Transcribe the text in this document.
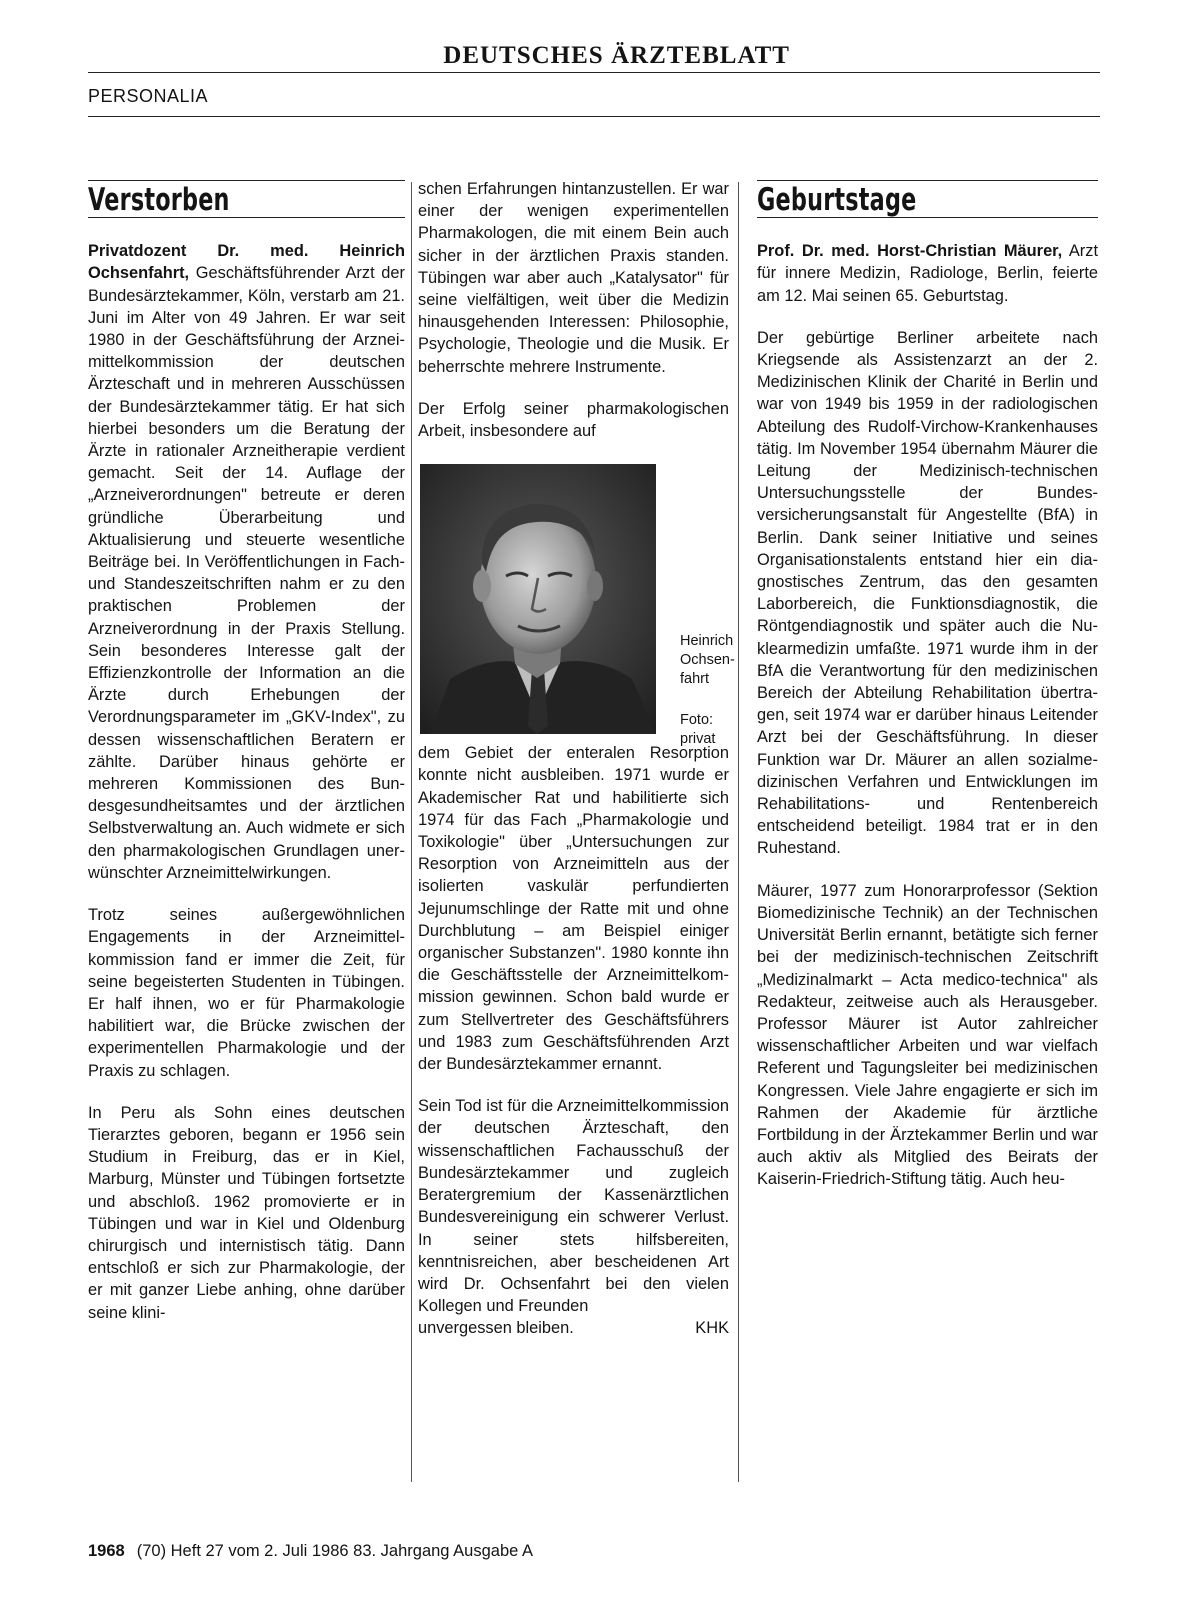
DEUTSCHES ÄRZTEBLATT
PERSONALIA
Verstorben

Privatdozent Dr. med. Heinrich Ochsenfahrt, Geschäftsführender Arzt der Bundesärztekammer, Köln, verstarb am 21. Juni im Alter von 49 Jahren. Er war seit 1980 in der Geschäftsführung der Arzneimittelkommission der deutschen Ärzteschaft und in mehreren Ausschüssen der Bundesärztekammer tätig. Er hat sich hierbei besonders um die Beratung der Ärzte in rationaler Arzneitherapie verdient gemacht. Seit der 14. Auflage der „Arzneiverordnungen" betreute er deren gründliche Überarbeitung und Aktualisierung und steuerte wesentliche Beiträge bei. In Veröffentlichungen in Fach- und Standeszeitschriften nahm er zu den praktischen Problemen der Arzneiverordnung in der Praxis Stellung. Sein besonderes Interesse galt der Effizienzkontrolle der Information an die Ärzte durch Erhebungen der Verordnungsparameter im „GKV-Index", zu dessen wissenschaftlichen Beratern er zählte. Darüber hinaus gehörte er mehreren Kommissionen des Bundesgesundheitsamtes und der ärztlichen Selbstverwaltung an. Auch widmete er sich den pharmakologischen Grundlagen unerwünschter Arzneimittelwirkungen.

Trotz seines außergewöhnlichen Engagements in der Arzneimittelkommission fand er immer die Zeit, für seine begeisterten Studenten in Tübingen. Er half ihnen, wo er für Pharmakologie habilitiert war, die Brücke zwischen der experimentellen Pharmakologie und der Praxis zu schlagen.

In Peru als Sohn eines deutschen Tierarztes geboren, begann er 1956 sein Studium in Freiburg, das er in Kiel, Marburg, Münster und Tübingen fortsetzte und abschloß. 1962 promovierte er in Tübingen und war in Kiel und Oldenburg chirurgisch und internistisch tätig. Dann entschloß er sich zur Pharmakologie, der er mit ganzer Liebe anhing, ohne darüber seine klini-

schen Erfahrungen hintanzustellen. Er war einer der wenigen experimentellen Pharmakologen, die mit einem Bein auch sicher in der ärztlichen Praxis standen. Tübingen war aber auch „Katalysator" für seine vielfältigen, weit über die Medizin hinausgehenden Interessen: Philosophie, Psychologie, Theologie und die Musik. Er beherrschte mehrere Instrumente.

Der Erfolg seiner pharmakologischen Arbeit, insbesondere auf

Heinrich Ochsenfahrt
Foto: privat

dem Gebiet der enteralen Resorption konnte nicht ausbleiben. 1971 wurde er Akademischer Rat und habilitierte sich 1974 für das Fach „Pharmakologie und Toxikologie" über „Untersuchungen zur Resorption von Arzneimitteln aus der isolierten vaskulär perfundierten Jejunumschlinge der Ratte mit und ohne Durchblutung – am Beispiel einiger organischer Substanzen". 1980 konnte ihn die Geschäftsstelle der Arzneimittelkommission gewinnen. Schon bald wurde er zum Stellvertreter des Geschäftsführers und 1983 zum Geschäftsführenden Arzt der Bundesärztekammer ernannt.

Sein Tod ist für die Arzneimittelkommission der deutschen Ärzteschaft, den wissenschaftlichen Fachausschuß der Bundesärztekammer und zugleich Beratergremium der Kassenärztlichen Bundesvereinigung ein schwerer Verlust. In seiner stets hilfsbereiten, kenntnisreichen, aber bescheidenen Art wird Dr. Ochsenfahrt bei den vielen Kollegen und Freunden

unvergessen bleiben.	KHK
Geburtstage

Prof. Dr. med. Horst-Christian Mäurer, Arzt für innere Medizin, Radiologe, Berlin, feierte am 12. Mai seinen 65. Geburtstag.

Der gebürtige Berliner arbeitete nach Kriegsende als Assistenzarzt an der 2. Medizinischen Klinik der Charité in Berlin und war von 1949 bis 1959 in der radiologischen Abteilung des Rudolf-Virchow-Krankenhauses tätig. Im November 1954 übernahm Mäurer die Leitung der Medizinisch-technischen Untersuchungsstelle der Bundesversicherungsanstalt für Angestellte (BfA) in Berlin. Dank seiner Initiative und seines Organisationstalents entstand hier ein diagnostisches Zentrum, das den gesamten Laborbereich, die Funktionsdiagnostik, die Röntgendiagnostik und später auch die Nuklearmedizin umfaßte. 1971 wurde ihm in der BfA die Verantwortung für den medizinischen Bereich der Abteilung Rehabilitation übertragen, seit 1974 war er darüber hinaus Leitender Arzt bei der Geschäftsführung. In dieser Funktion war Dr. Mäurer an allen sozialmedizinischen Verfahren und Entwicklungen im Rehabilitations- und Rentenbereich entscheidend beteiligt. 1984 trat er in den Ruhestand.

Mäurer, 1977 zum Honorarprofessor (Sektion Biomedizinische Technik) an der Technischen Universität Berlin ernannt, betätigte sich ferner bei der medizinisch-technischen Zeitschrift „Medizinalmarkt – Acta medico-technica" als Redakteur, zeitweise auch als Herausgeber. Professor Mäurer ist Autor zahlreicher wissenschaftlicher Arbeiten und war vielfach Referent und Tagungsleiter bei medizinischen Kongressen. Viele Jahre engagierte er sich im Rahmen der Akademie für ärztliche Fortbildung in der Ärztekammer Berlin und war auch aktiv als Mitglied des Beirats der Kaiserin-Friedrich-Stiftung tätig. Auch heu-

1968 (70) Heft 27 vom 2. Juli 1986 83. Jahrgang Ausgabe A
